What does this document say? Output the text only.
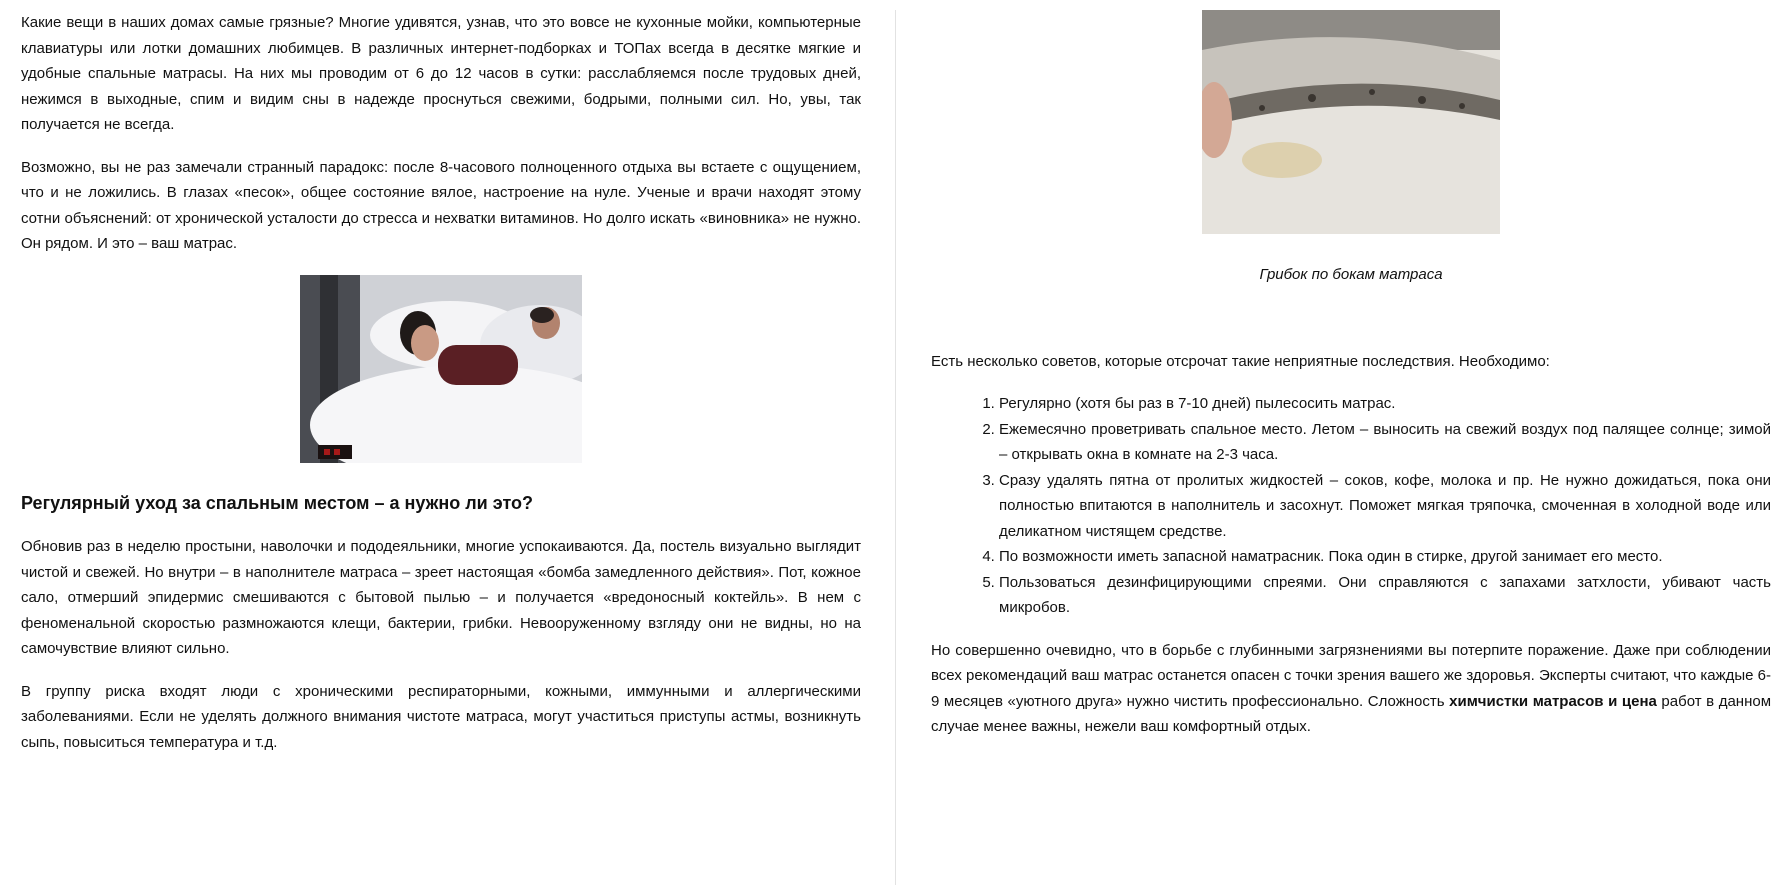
Какие вещи в наших домах самые грязные? Многие удивятся, узнав, что это вовсе не кухонные мойки, компьютерные клавиатуры или лотки домашних любимцев. В различных интернет-подборках и ТОПах всегда в десятке мягкие и удобные спальные матрасы. На них мы проводим от 6 до 12 часов в сутки: расслабляемся после трудовых дней, нежимся в выходные, спим и видим сны в надежде проснуться свежими, бодрыми, полными сил. Но, увы, так получается не всегда.

Возможно, вы не раз замечали странный парадокс: после 8-часового полноценного отдыха вы встаете с ощущением, что и не ложились. В глазах «песок», общее состояние вялое, настроение на нуле. Ученые и врачи находят этому сотни объяснений: от хронической усталости до стресса и нехватки витаминов. Но долго искать «виновника» не нужно. Он рядом. И это – ваш матрас.

Регулярный уход за спальным местом – а нужно ли это?

Обновив раз в неделю простыни, наволочки и пододеяльники, многие успокаиваются. Да, постель визуально выглядит чистой и свежей. Но внутри – в наполнителе матраса – зреет настоящая «бомба замедленного действия». Пот, кожное сало, отмерший эпидермис смешиваются с бытовой пылью – и получается «вредоносный коктейль». В нем с феноменальной скоростью размножаются клещи, бактерии, грибки. Невооруженному взгляду они не видны, но на самочувствие влияют сильно.

В группу риска входят люди с хроническими респираторными, кожными, иммунными и аллергическими заболеваниями. Если не уделять должного внимания чистоте матраса, могут участиться приступы астмы, возникнуть сыпь, повыситься температура и т.д.

Грибок по бокам матраса

Есть несколько советов, которые отсрочат такие неприятные последствия. Необходимо:

1. Регулярно (хотя бы раз в 7-10 дней) пылесосить матрас.
2. Ежемесячно проветривать спальное место. Летом – выносить на свежий воздух под палящее солнце; зимой – открывать окна в комнате на 2-3 часа.
3. Сразу удалять пятна от пролитых жидкостей – соков, кофе, молока и пр. Не нужно дожидаться, пока они полностью впитаются в наполнитель и засохнут. Поможет мягкая тряпочка, смоченная в холодной воде или деликатном чистящем средстве.
4. По возможности иметь запасной наматрасник. Пока один в стирке, другой занимает его место.
5. Пользоваться дезинфицирующими спреями. Они справляются с запахами затхлости, убивают часть микробов.

Но совершенно очевидно, что в борьбе с глубинными загрязнениями вы потерпите поражение. Даже при соблюдении всех рекомендаций ваш матрас останется опасен с точки зрения вашего же здоровья. Эксперты считают, что каждые 6-9 месяцев «уютного друга» нужно чистить профессионально. Сложность химчистки матрасов и цена работ в данном случае менее важны, нежели ваш комфортный отдых.
